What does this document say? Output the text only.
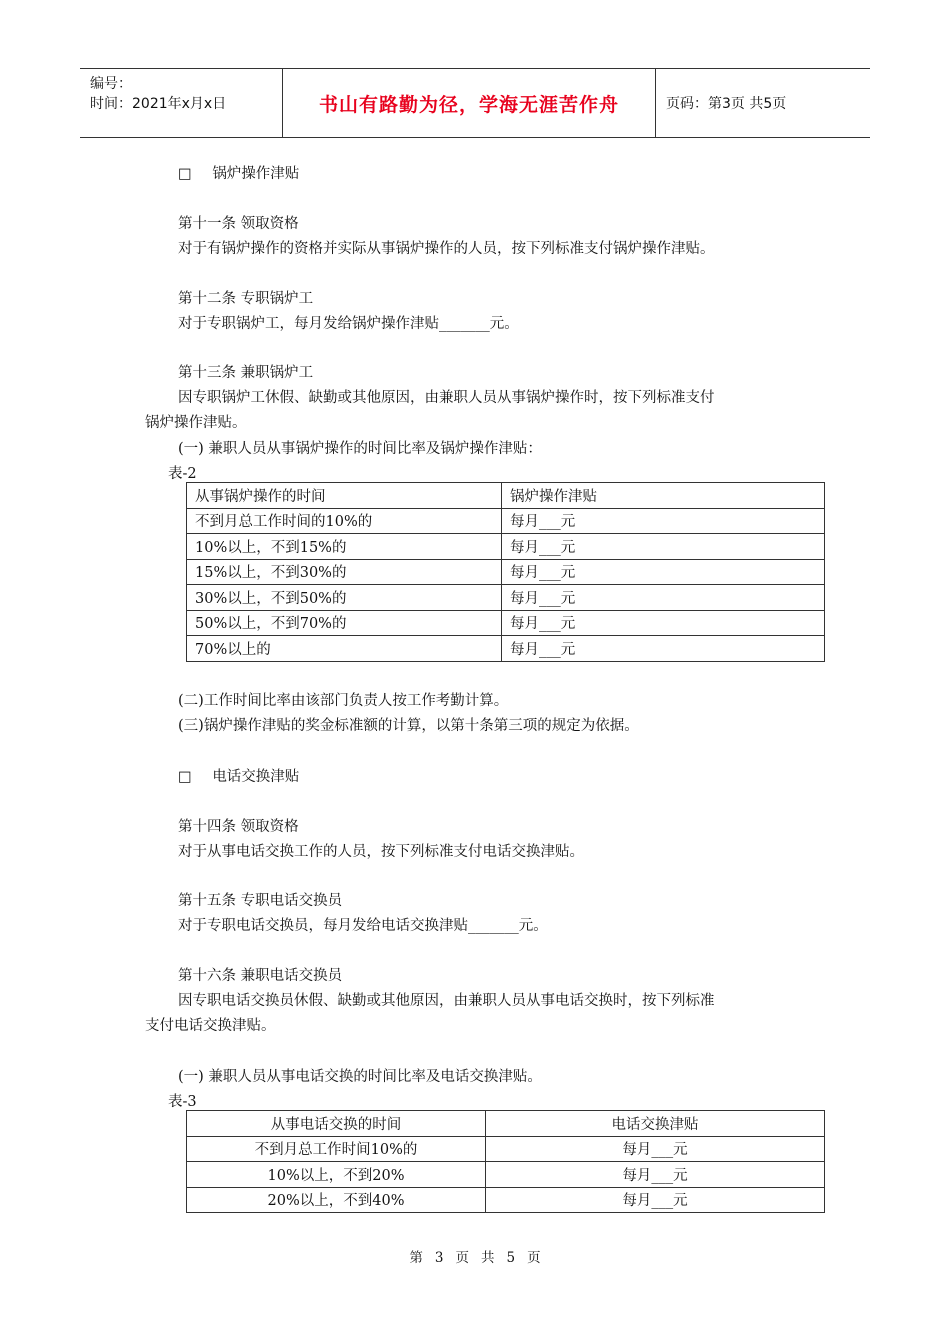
编号：
时间：2021年x月x日	书山有路勤为径，学海无涯苦作舟	页码：第3页 共5页
□ 锅炉操作津贴
第十一条 领取资格
对于有锅炉操作的资格并实际从事锅炉操作的人员，按下列标准支付锅炉操作津贴。
第十二条 专职锅炉工
对于专职锅炉工，每月发给锅炉操作津贴_______元。
第十三条 兼职锅炉工
因专职锅炉工休假、缺勤或其他原因，由兼职人员从事锅炉操作时，按下列标准支付
锅炉操作津贴。
(一) 兼职人员从事锅炉操作的时间比率及锅炉操作津贴：
表-2
从事锅炉操作的时间	锅炉操作津贴
不到月总工作时间的10%的	每月___元
10%以上，不到15%的	每月___元
15%以上，不到30%的	每月___元
30%以上，不到50%的	每月___元
50%以上，不到70%的	每月___元
70%以上的	每月___元
(二)工作时间比率由该部门负责人按工作考勤计算。
(三)锅炉操作津贴的奖金标准额的计算，以第十条第三项的规定为依据。
□ 电话交换津贴
第十四条 领取资格
对于从事电话交换工作的人员，按下列标准支付电话交换津贴。
第十五条 专职电话交换员
对于专职电话交换员，每月发给电话交换津贴_______元。
第十六条 兼职电话交换员
因专职电话交换员休假、缺勤或其他原因，由兼职人员从事电话交换时，按下列标准
支付电话交换津贴。
(一) 兼职人员从事电话交换的时间比率及电话交换津贴。
表-3
从事电话交换的时间	电话交换津贴
不到月总工作时间10%的	每月___元
10%以上，不到20%	每月___元
20%以上，不到40%	每月___元
第 3 页 共 5 页
